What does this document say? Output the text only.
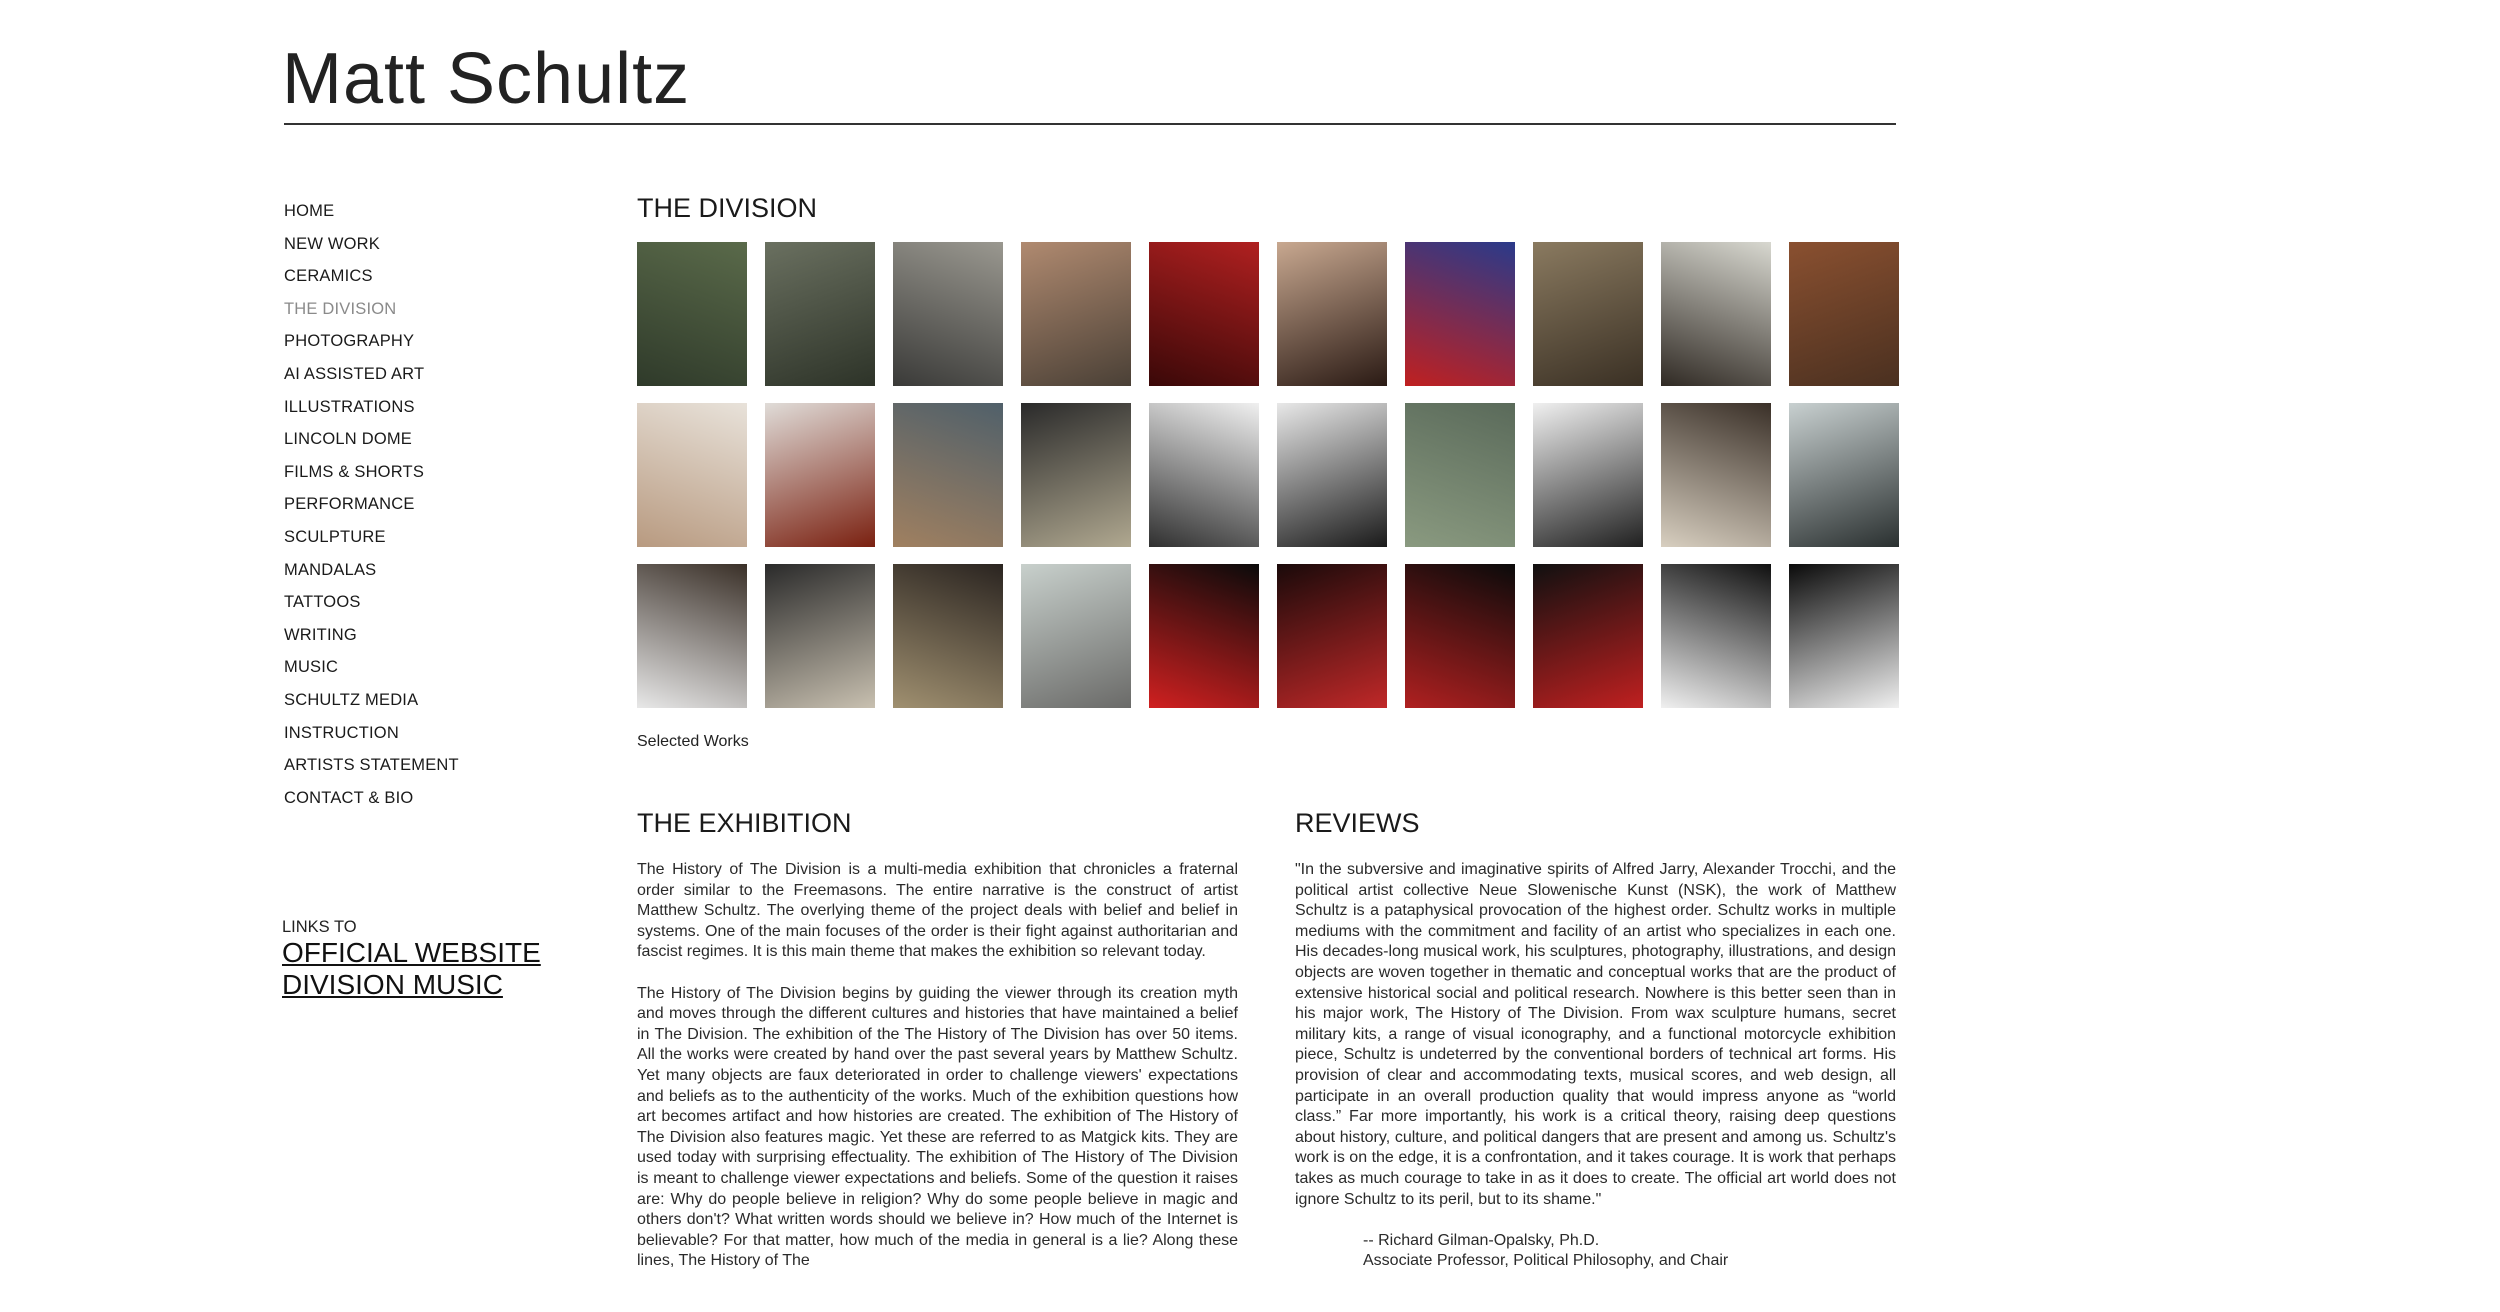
Matt Schultz
HOME
NEW WORK
CERAMICS
THE DIVISION
PHOTOGRAPHY
AI ASSISTED ART
ILLUSTRATIONS
LINCOLN DOME
FILMS & SHORTS
PERFORMANCE
SCULPTURE
MANDALAS
TATTOOS
WRITING
MUSIC
SCHULTZ MEDIA
INSTRUCTION
ARTISTS STATEMENT
CONTACT & BIO
LINKS TO
OFFICIAL WEBSITE
DIVISION MUSIC
THE DIVISION
Selected Works
THE EXHIBITION

The History of The Division is a multi-media exhibition that chronicles a fraternal order similar to the Freemasons. The entire narrative is the construct of artist Matthew Schultz. The overlying theme of the project deals with belief and belief in systems. One of the main focuses of the order is their fight against authoritarian and fascist regimes. It is this main theme that makes the exhibition so relevant today.

The History of The Division begins by guiding the viewer through its creation myth and moves through the different cultures and histories that have maintained a belief in The Division. The exhibition of the The History of The Division has over 50 items. All the works were created by hand over the past several years by Matthew Schultz. Yet many objects are faux deteriorated in order to challenge viewers' expectations and beliefs as to the authenticity of the works. Much of the exhibition questions how art becomes artifact and how histories are created. The exhibition of The History of The Division also features magic. Yet these are referred to as Matgick kits. They are used today with surprising effectuality. The exhibition of The History of The Division is meant to challenge viewer expectations and beliefs. Some of the question it raises are: Why do people believe in religion? Why do some people believe in magic and others don't? What written words should we believe in? How much of the Internet is believable? For that matter, how much of the media in general is a lie? Along these lines, The History of The

REVIEWS

"In the subversive and imaginative spirits of Alfred Jarry, Alexander Trocchi, and the political artist collective Neue Slowenische Kunst (NSK), the work of Matthew Schultz is a pataphysical provocation of the highest order. Schultz works in multiple mediums with the commitment and facility of an artist who specializes in each one. His decades-long musical work, his sculptures, photography, illustrations, and design objects are woven together in thematic and conceptual works that are the product of extensive historical social and political research. Nowhere is this better seen than in his major work, The History of The Division. From wax sculpture humans, secret military kits, a range of visual iconography, and a functional motorcycle exhibition piece, Schultz is undeterred by the conventional borders of technical art forms. His provision of clear and accommodating texts, musical scores, and web design, all participate in an overall production quality that would impress anyone as “world class.” Far more importantly, his work is a critical theory, raising deep questions about history, culture, and political dangers that are present and among us. Schultz's work is on the edge, it is a confrontation, and it takes courage. It is work that perhaps takes as much courage to take in as it does to create. The official art world does not ignore Schultz to its peril, but to its shame."

-- Richard Gilman-Opalsky, Ph.D.
Associate Professor, Political Philosophy, and Chair
